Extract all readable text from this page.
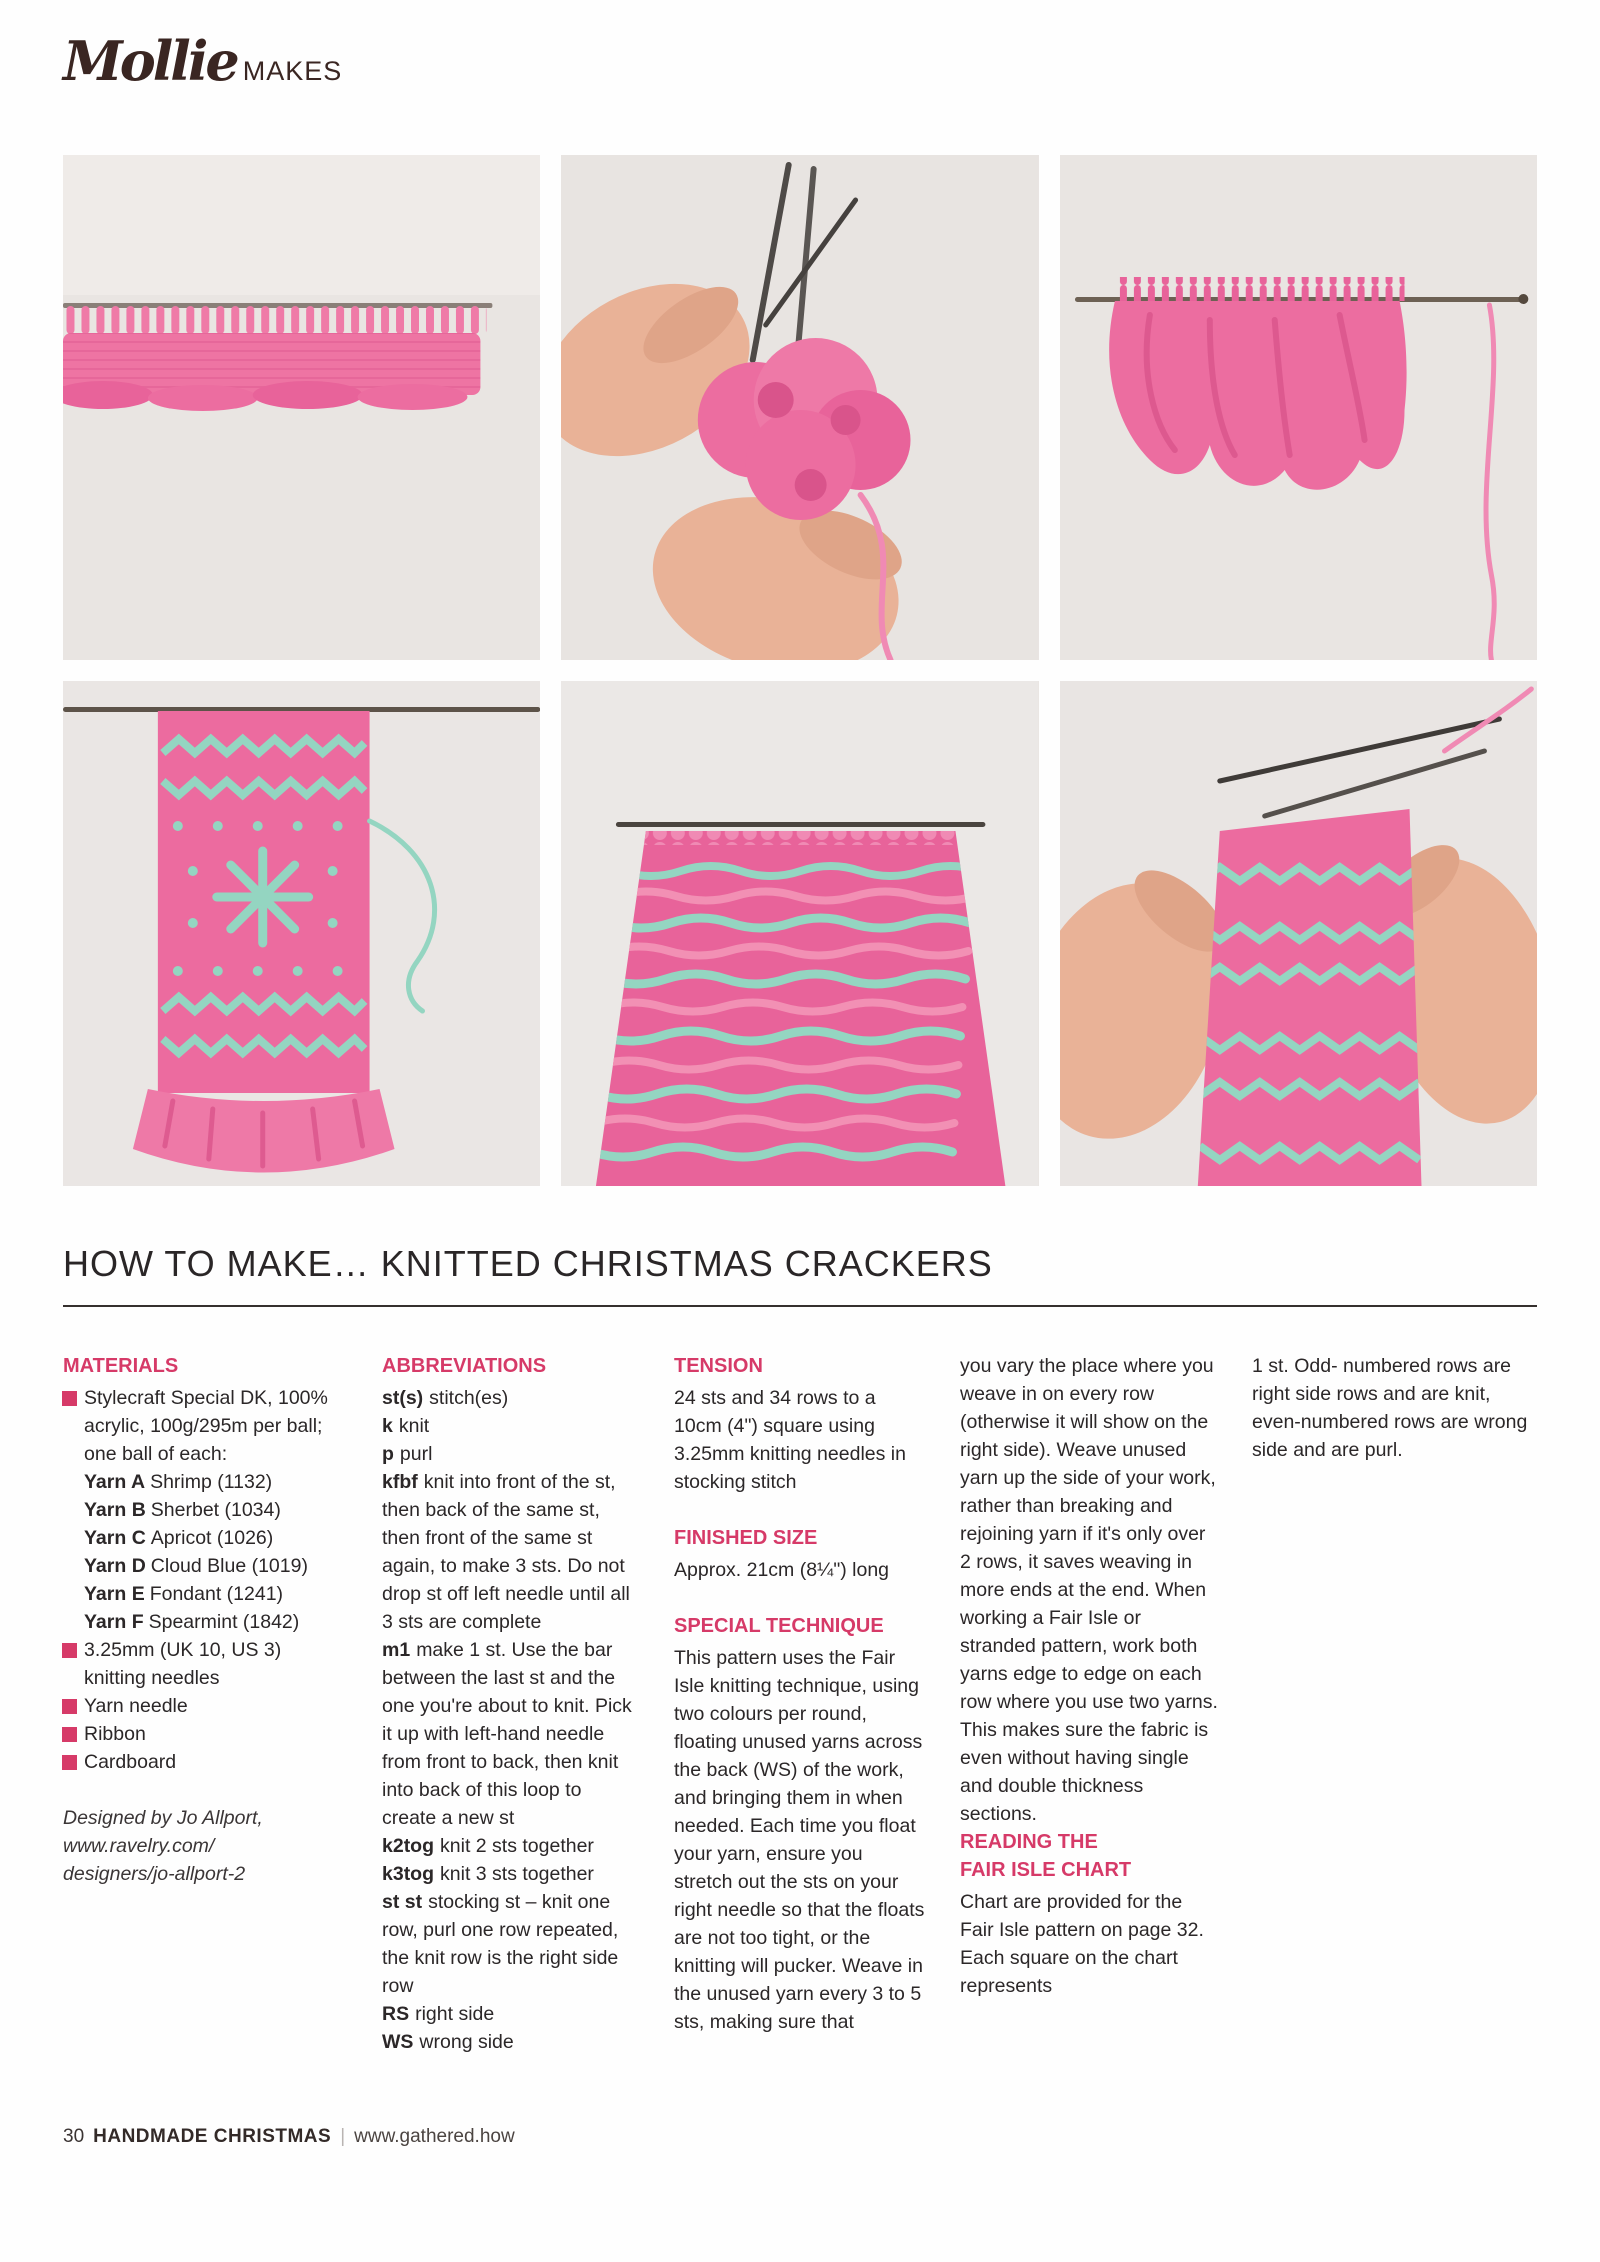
Mollie MAKES
HOW TO MAKE… KNITTED CHRISTMAS CRACKERS

MATERIALS

Stylecraft Special DK, 100% acrylic, 100g/295m per ball; one ball of each:
Yarn A Shrimp (1132)
Yarn B Sherbet (1034)
Yarn C Apricot (1026)
Yarn D Cloud Blue (1019)
Yarn E Fondant (1241)
Yarn F Spearmint (1842)
3.25mm (UK 10, US 3) knitting needles
Yarn needle
Ribbon
Cardboard
Designed by Jo Allport,
www.ravelry.com/
designers/jo-allport-2

ABBREVIATIONS

st(s) stitch(es)

k knit

p purl

kfbf knit into front of the st, then back of the same st, then front of the same st again, to make 3 sts. Do not drop st off left needle until all 3 sts are complete

m1 make 1 st. Use the bar between the last st and the one you're about to knit. Pick it up with left-hand needle from front to back, then knit into back of this loop to create a new st

k2tog knit 2 sts together

k3tog knit 3 sts together

st st stocking st – knit one row, purl one row repeated, the knit row is the right side row

RS right side

WS wrong side

TENSION

24 sts and 34 rows to a 10cm (4") square using 3.25mm knitting needles in stocking stitch

FINISHED SIZE

Approx. 21cm (8¼") long

SPECIAL TECHNIQUE

This pattern uses the Fair Isle knitting technique, using two colours per round, floating unused yarns across the back (WS) of the work, and bringing them in when needed. Each time you float your yarn, ensure you stretch out the sts on your right needle so that the floats are not too tight, or the knitting will pucker. Weave in the unused yarn every 3 to 5 sts, making sure that

you vary the place where you weave in on every row (otherwise it will show on the right side). Weave unused yarn up the side of your work, rather than breaking and rejoining yarn if it's only over 2 rows, it saves weaving in more ends at the end. When working a Fair Isle or stranded pattern, work both yarns edge to edge on each row where you use two yarns. This makes sure the fabric is even without having single and double thickness sections.

READING THE
FAIR ISLE CHART

Chart are provided for the Fair Isle pattern on page 32. Each square on the chart represents

1 st. Odd- numbered rows are right side rows and are knit, even-numbered rows are wrong side and are purl.

30 HANDMADE CHRISTMAS | www.gathered.how
